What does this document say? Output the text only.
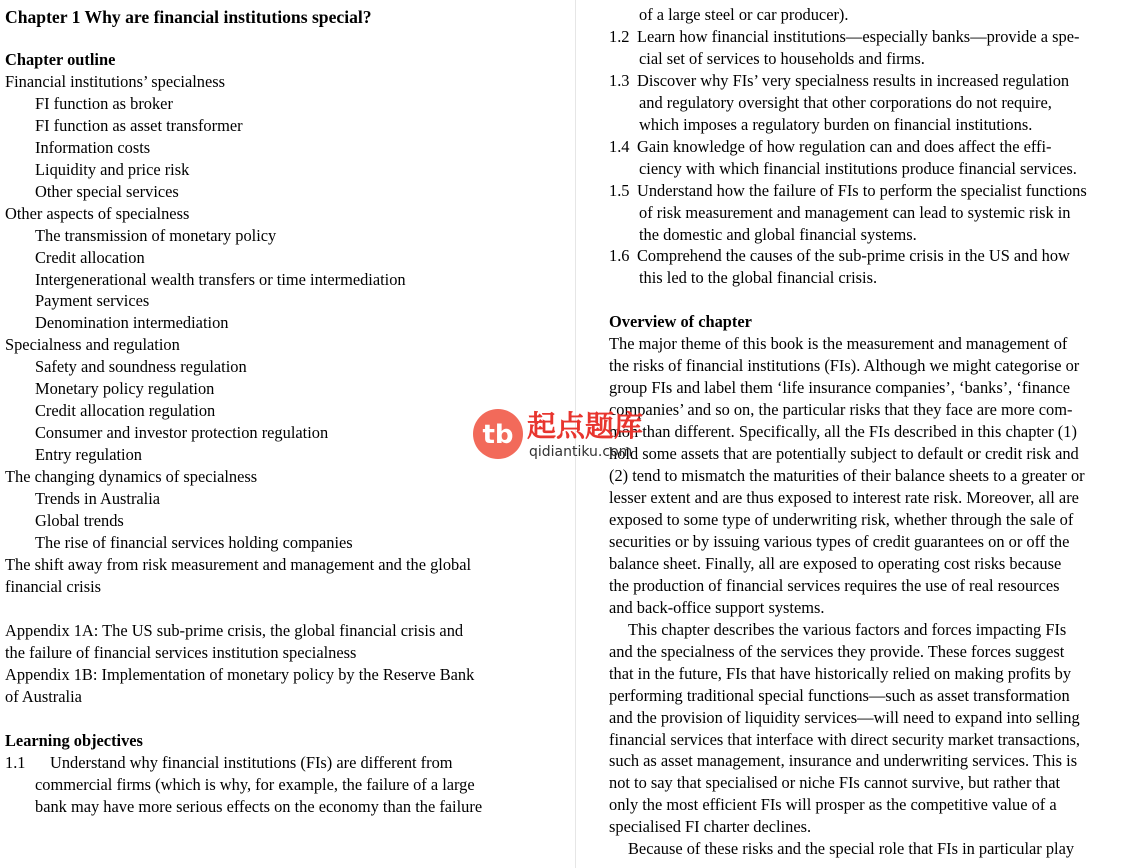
Chapter 1 Why are financial institutions special?
Chapter outline
Financial institutions’ specialness
FI function as broker
FI function as asset transformer
Information costs
Liquidity and price risk
Other special services
Other aspects of specialness
The transmission of monetary policy
Credit allocation
Intergenerational wealth transfers or time intermediation
Payment services
Denomination intermediation
Specialness and regulation
Safety and soundness regulation
Monetary policy regulation
Credit allocation regulation
Consumer and investor protection regulation
Entry regulation
The changing dynamics of specialness
Trends in Australia
Global trends
The rise of financial services holding companies
The shift away from risk measurement and management and the global
financial crisis
Appendix 1A: The US sub-prime crisis, the global financial crisis and
the failure of financial services institution specialness
Appendix 1B: Implementation of monetary policy by the Reserve Bank
of Australia
Learning objectives
1.1	Understand why financial institutions (FIs) are different from
commercial firms (which is why, for example, the failure of a large
bank may have more serious effects on the economy than the failure
of a large steel or car producer).
1.2 Learn how financial institutions—especially banks—provide a spe-
cial set of services to households and firms.
1.3 Discover why FIs’ very specialness results in increased regulation
and regulatory oversight that other corporations do not require,
which imposes a regulatory burden on financial institutions.
1.4 Gain knowledge of how regulation can and does affect the effi-
ciency with which financial institutions produce financial services.
1.5 Understand how the failure of FIs to perform the specialist functions
of risk measurement and management can lead to systemic risk in
the domestic and global financial systems.
1.6 Comprehend the causes of the sub-prime crisis in the US and how
this led to the global financial crisis.
Overview of chapter
The major theme of this book is the measurement and management of
the risks of financial institutions (FIs). Although we might categorise or
group FIs and label them ‘life insurance companies’, ‘banks’, ‘finance
companies’ and so on, the particular risks that they face are more com-
mon than different. Specifically, all the FIs described in this chapter (1)
hold some assets that are potentially subject to default or credit risk and
(2) tend to mismatch the maturities of their balance sheets to a greater or
lesser extent and are thus exposed to interest rate risk. Moreover, all are
exposed to some type of underwriting risk, whether through the sale of
securities or by issuing various types of credit guarantees on or off the
balance sheet. Finally, all are exposed to operating cost risks because
the production of financial services requires the use of real resources
and back-office support systems.
This chapter describes the various factors and forces impacting FIs
and the specialness of the services they provide. These forces suggest
that in the future, FIs that have historically relied on making profits by
performing traditional special functions—such as asset transformation
and the provision of liquidity services—will need to expand into selling
financial services that interface with direct security market transactions,
such as asset management, insurance and underwriting services. This is
not to say that specialised or niche FIs cannot survive, but rather that
only the most efficient FIs will prosper as the competitive value of a
specialised FI charter declines.
Because of these risks and the special role that FIs in particular play
tb 起点题库
qidiantiku.com
